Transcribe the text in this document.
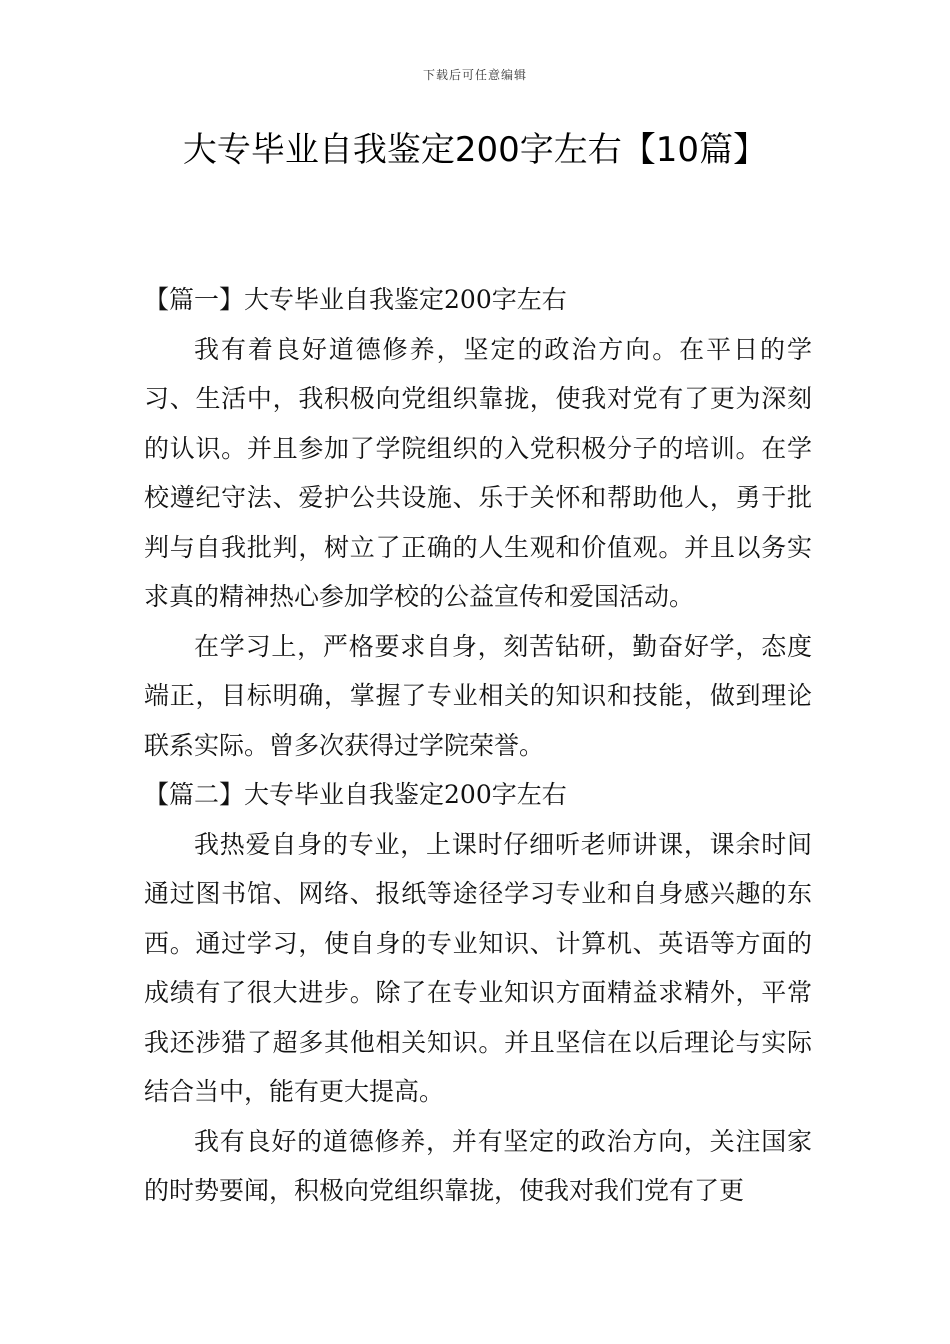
下载后可任意编辑
大专毕业自我鉴定200字左右【10篇】
【篇一】大专毕业自我鉴定200字左右

我有着良好道德修养，坚定的政治方向。在平日的学习、生活中，我积极向党组织靠拢，使我对党有了更为深刻的认识。并且参加了学院组织的入党积极分子的培训。在学校遵纪守法、爱护公共设施、乐于关怀和帮助他人，勇于批判与自我批判，树立了正确的人生观和价值观。并且以务实求真的精神热心参加学校的公益宣传和爱国活动。

在学习上，严格要求自身，刻苦钻研，勤奋好学，态度端正，目标明确，掌握了专业相关的知识和技能，做到理论联系实际。曾多次获得过学院荣誉。

【篇二】大专毕业自我鉴定200字左右

我热爱自身的专业，上课时仔细听老师讲课，课余时间通过图书馆、网络、报纸等途径学习专业和自身感兴趣的东西。通过学习，使自身的专业知识、计算机、英语等方面的成绩有了很大进步。除了在专业知识方面精益求精外，平常我还涉猎了超多其他相关知识。并且坚信在以后理论与实际结合当中，能有更大提高。

我有良好的道德修养，并有坚定的政治方向，关注国家的时势要闻，积极向党组织靠拢，使我对我们党有了更
